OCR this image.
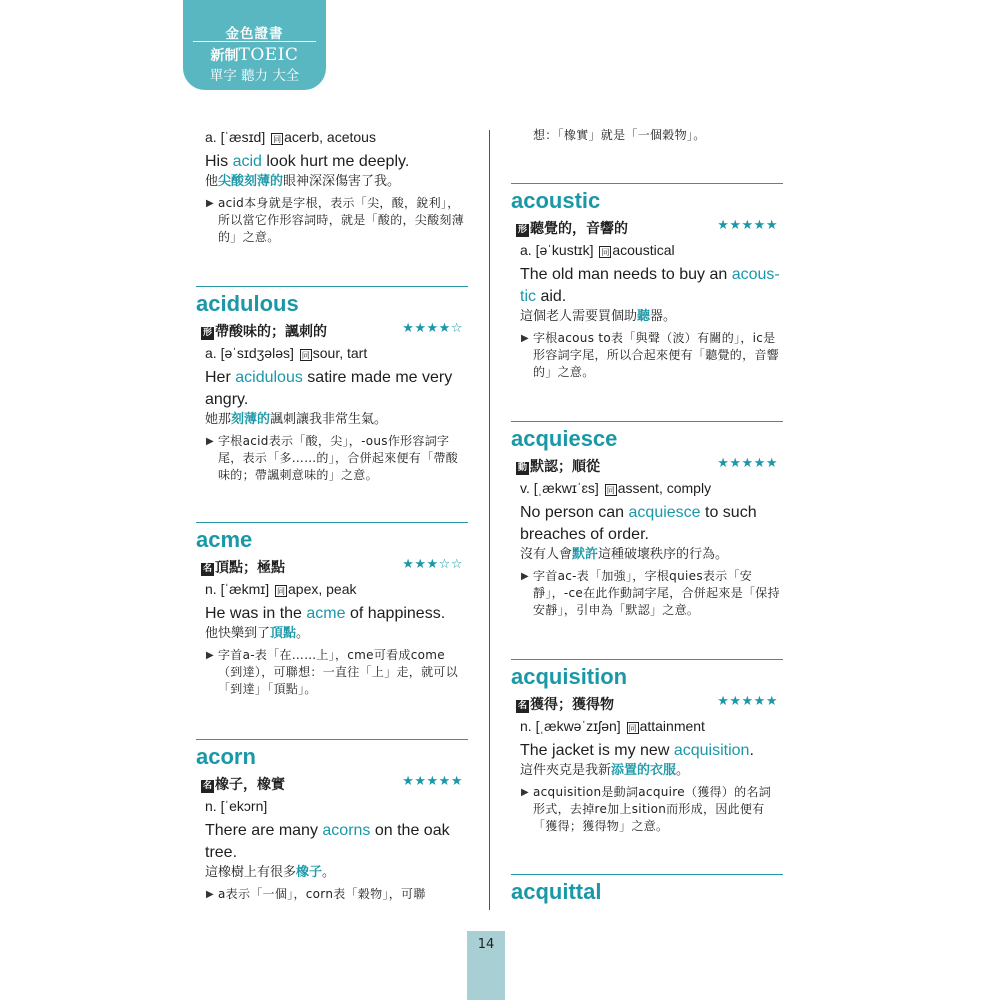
金色證書
新制TOEIC
單字 聽力 大全
a. [ˈæsɪd] 同 acerb, acetous
His acid look hurt me deeply.
他尖酸刻薄的眼神深深傷害了我。
▶ acid本身就是字根，表示「尖，酸，銳利」，所以當它作形容詞時，就是「酸的，尖酸刻薄的」之意。
acidulous
形 帶酸味的；諷刺的	★★★★☆
a. [əˈsɪdʒələs] 同 sour, tart
Her acidulous satire made me very angry.
她那刻薄的諷刺讓我非常生氣。
▶ 字根acid表示「酸，尖」，-ous作形容詞字尾，表示「多……的」，合併起來便有「帶酸味的；帶諷刺意味的」之意。
acme
名 頂點；極點	★★★☆☆
n. [ˈækmɪ] 同 apex, peak
He was in the acme of happiness.
他快樂到了頂點。
▶ 字首a-表「在……上」，cme可看成come（到達），可聯想：一直往「上」走，就可以「到達」「頂點」。
acorn
名 橡子，橡實	★★★★★
n. [ˈekɔrn]
There are many acorns on the oak tree.
這橡樹上有很多橡子。
▶ a表示「一個」，corn表「穀物」，可聯
想：「橡實」就是「一個穀物」。
acoustic
形 聽覺的，音響的	★★★★★
a. [əˈkustɪk] 同 acoustical
The old man needs to buy an acous-tic aid.
這個老人需要買個助聽器。
▶ 字根acous to表「與聲（波）有關的」，ic是形容詞字尾，所以合起來便有「聽覺的，音響的」之意。
acquiesce
動 默認；順從	★★★★★
v. [ˌækwɪˈɛs] 同 assent, comply
No person can acquiesce to such breaches of order.
沒有人會默許這種破壞秩序的行為。
▶ 字首ac-表「加強」，字根quies表示「安靜」，-ce在此作動詞字尾，合併起來是「保持安靜」，引申為「默認」之意。
acquisition
名 獲得；獲得物	★★★★★
n. [ˌækwəˈzɪʃən] 同 attainment
The jacket is my new acquisition.
這件夾克是我新添置的衣服。
▶ acquisition是動詞acquire（獲得）的名詞形式，去掉re加上sition而形成，因此便有「獲得；獲得物」之意。
acquittal
14
